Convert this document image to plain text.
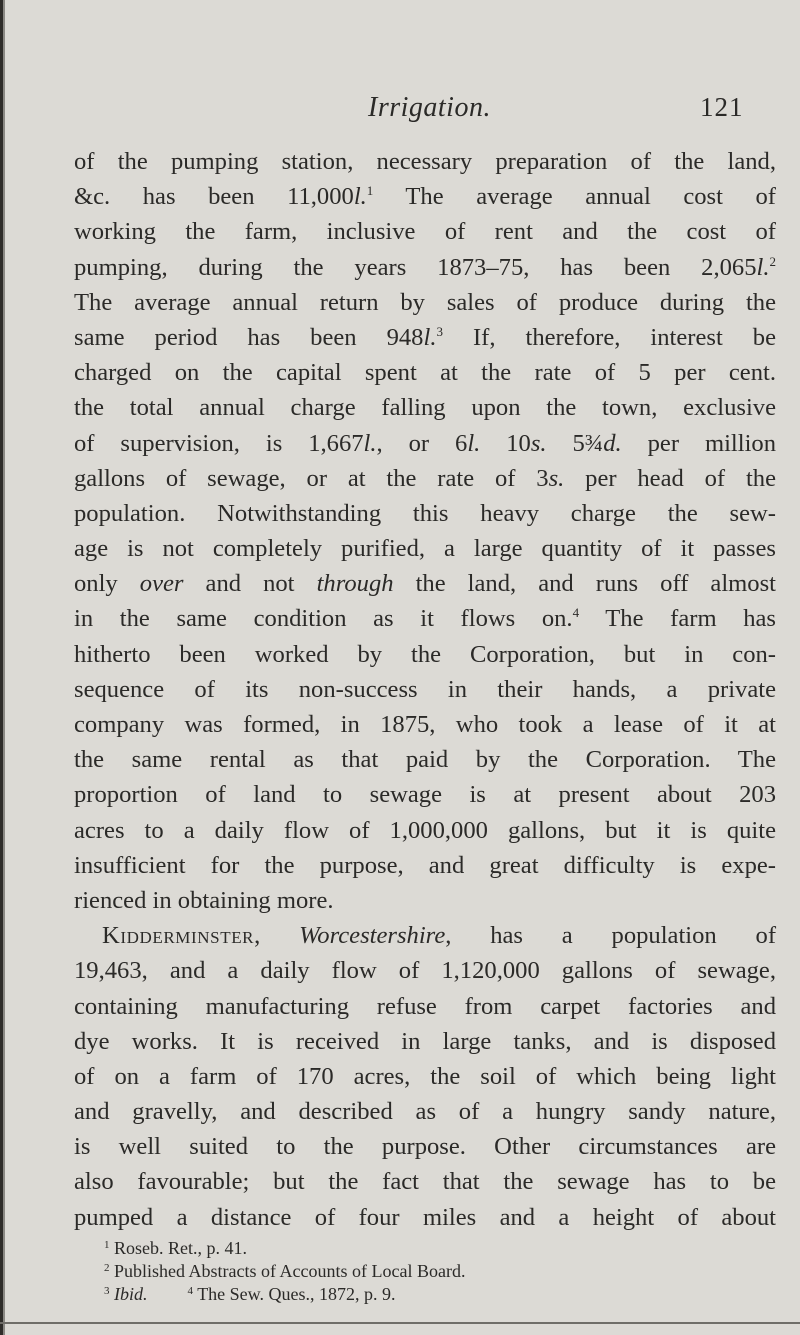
Irrigation.	121
of the pumping station, necessary preparation of the land,
&c. has been 11,000l.$^1$ The average annual cost of
working the farm, inclusive of rent and the cost of
pumping, during the years 1873–75, has been 2,065l.$^2$
The average annual return by sales of produce during the
same period has been 948l.$^3$ If, therefore, interest be
charged on the capital spent at the rate of 5 per cent.
the total annual charge falling upon the town, exclusive
of supervision, is 1,667l., or 6l. 10s. 5¾d. per million
gallons of sewage, or at the rate of 3s. per head of the
population. Notwithstanding this heavy charge the sew-
age is not completely purified, a large quantity of it passes
only over and not through the land, and runs off almost
in the same condition as it flows on.$^4$ The farm has
hitherto been worked by the Corporation, but in con-
sequence of its non-success in their hands, a private
company was formed, in 1875, who took a lease of it at
the same rental as that paid by the Corporation. The
proportion of land to sewage is at present about 203
acres to a daily flow of 1,000,000 gallons, but it is quite
insufficient for the purpose, and great difficulty is expe-
rienced in obtaining more.
Kidderminster, Worcestershire, has a population of
19,463, and a daily flow of 1,120,000 gallons of sewage,
containing manufacturing refuse from carpet factories and
dye works. It is received in large tanks, and is disposed
of on a farm of 170 acres, the soil of which being light
and gravelly, and described as of a hungry sandy nature,
is well suited to the purpose. Other circumstances are
also favourable; but the fact that the sewage has to be
pumped a distance of four miles and a height of about
$^1$ Roseb. Ret., p. 41.
$^2$ Published Abstracts of Accounts of Local Board.
$^3$ Ibid.	$^4$ The Sew. Ques., 1872, p. 9.
